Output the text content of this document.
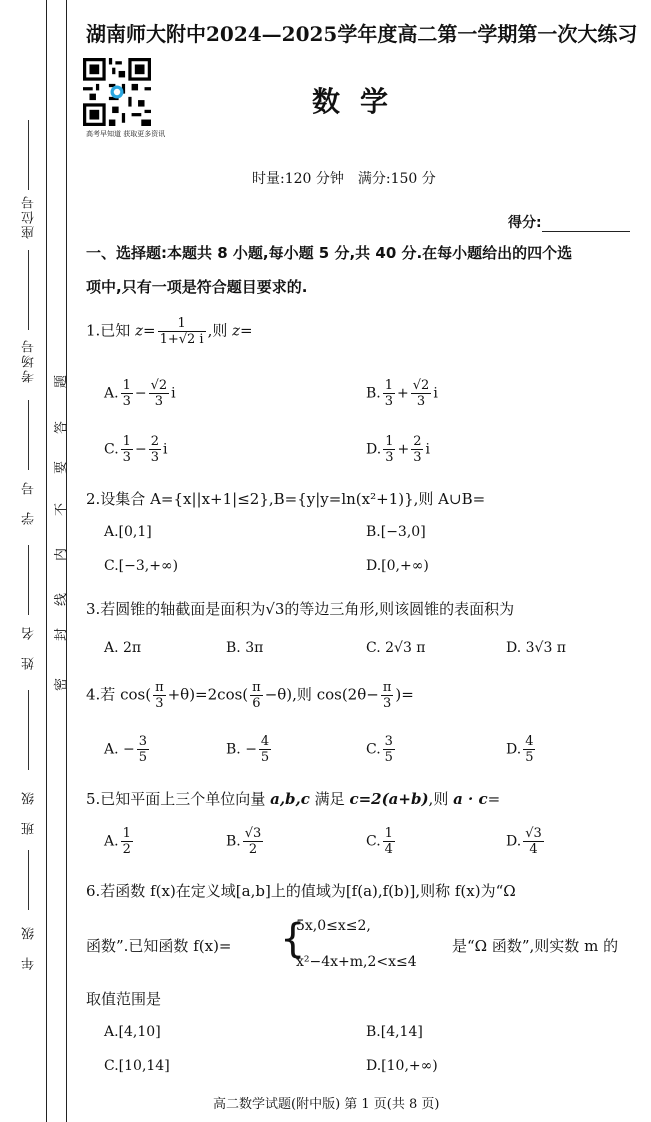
座位号
考场号
学　号
姓　名
班　级
年　级
密
封
线
内
不
要
答
题
湖南师大附中2024—2025学年度高二第一学期第一次大练习
高考早知道 获取更多资讯
数学
时量:120 分钟　满分:150 分
得分:
一、选择题:本题共 8 小题,每小题 5 分,共 40 分.在每小题给出的四个选
项中,只有一项是符合题目要求的.
1.已知 $z= \frac{1}{1+√2 i}$ ,则 z=
A. $\frac{1}{3} - \frac{√2}{3}$ i	B. $\frac{1}{3} + \frac{√2}{3}$ i
C. $\frac{1}{3} - \frac{2}{3}$ i	D. $\frac{1}{3} + \frac{2}{3}$ i
2.设集合 A={x||x+1|≤2},B={y|y=ln(x²+1)},则 A∪B=
A.[0,1]	B.[−3,0]
C.[−3,+∞)	D.[0,+∞)
3.若圆锥的轴截面是面积为√3的等边三角形,则该圆锥的表面积为
A. 2π	B. 3π	C. 2√3 π	D. 3√3 π
4.若 $\cos( \frac{\pi}{3} +\theta)=2\cos( \frac{\pi}{6} -\theta)$,则 $\cos(2\theta- \frac{\pi}{3}$ )=
A. − $\frac{3}{5}$	B. − $\frac{4}{5}$	C. $\frac{3}{5}$	D. $\frac{4}{5}$
5.已知平面上三个单位向量 a,b,c 满足 c=2(a+b),则 a · c=
A. $\frac{1}{2}$	B. $\frac{√3}{2}$	C. $\frac{1}{4}$	D. $\frac{√3}{4}$
6.若函数 f(x)在定义域[a,b]上的值域为[f(a),f(b)],则称 f(x)为“Ω
函数”.已知函数 f(x)= {
5x,0≤x≤2,
x²−4x+m,2<x≤4
是“Ω 函数”,则实数 m 的
取值范围是
A.[4,10]	B.[4,14]
C.[10,14]	D.[10,+∞)
高二数学试题(附中版) 第 1 页(共 8 页)
